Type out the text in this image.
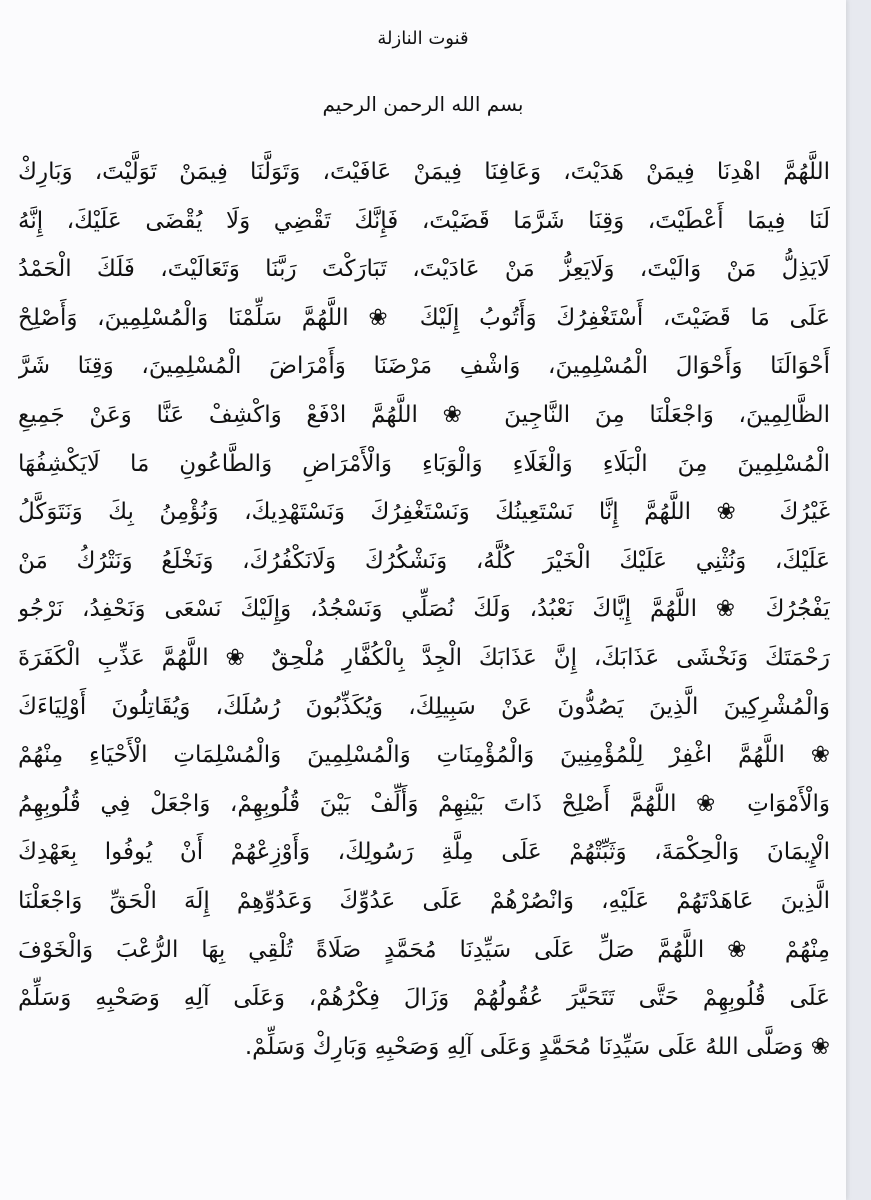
قنوت النازلة
بسم الله الرحمن الرحيم
اللَّهُمَّ اهْدِنَا فِيمَنْ هَدَيْتَ، وَعَافِنَا فِيمَنْ عَافَيْتَ، وَتَوَلَّنَا فِيمَنْ تَوَلَّيْتَ، وَبَارِكْ
لَنَا فِيمَا أَعْطَيْتَ، وَقِنَا شَرَّمَا قَضَيْتَ، فَإِنَّكَ تَقْضِي وَلَا يُقْضَى عَلَيْكَ، إِنَّهُ
لَايَذِلُّ مَنْ وَالَيْتَ، وَلَايَعِزُّ مَنْ عَادَيْتَ، تَبَارَكْتَ رَبَّنَا وَتَعَالَيْتَ، فَلَكَ الْحَمْدُ
عَلَى مَا قَضَيْتَ، أَسْتَغْفِرُكَ وَأَتُوبُ إِلَيْكَ ❀ اللَّهُمَّ سَلِّمْنَا وَالْمُسْلِمِينَ، وَأَصْلِحْ
أَحْوَالَنَا وَأَحْوَالَ الْمُسْلِمِينَ، وَاشْفِ مَرْضَنَا وَأَمْرَاضَ الْمُسْلِمِينَ، وَقِنَا شَرَّ
الظَّالِمِينَ، وَاجْعَلْنَا مِنَ النَّاجِينَ ❀ اللَّهُمَّ ادْفَعْ وَاكْشِفْ عَنَّا وَعَنْ جَمِيعِ
الْمُسْلِمِينَ مِنَ الْبَلَاءِ وَالْغَلَاءِ وَالْوَبَاءِ وَالْأَمْرَاضِ وَالطَّاعُونِ مَا لَايَكْشِفُهَا
غَيْرُكَ ❀ اللَّهُمَّ إِنَّا نَسْتَعِينُكَ وَنَسْتَغْفِرُكَ وَنَسْتَهْدِيكَ، وَنُؤْمِنُ بِكَ وَنَتَوَكَّلُ
عَلَيْكَ، وَنُثْنِي عَلَيْكَ الْخَيْرَ كُلَّهُ، وَنَشْكُرُكَ وَلَانَكْفُرُكَ، وَنَخْلَعُ وَنَتْرُكُ مَنْ
يَفْجُرُكَ ❀ اللَّهُمَّ إِيَّاكَ نَعْبُدُ، وَلَكَ نُصَلِّي وَنَسْجُدُ، وَإِلَيْكَ نَسْعَى وَنَحْفِدُ، نَرْجُو
رَحْمَتَكَ وَنَخْشَى عَذَابَكَ، إِنَّ عَذَابَكَ الْجِدَّ بِالْكُفَّارِ مُلْحِقٌ ❀ اللَّهُمَّ عَذِّبِ الْكَفَرَةَ
وَالْمُشْرِكِينَ الَّذِينَ يَصُدُّونَ عَنْ سَبِيلِكَ، وَيُكَذِّبُونَ رُسُلَكَ، وَيُقَاتِلُونَ أَوْلِيَاءَكَ
❀ اللَّهُمَّ اغْفِرْ لِلْمُؤْمِنِينَ وَالْمُؤْمِنَاتِ وَالْمُسْلِمِينَ وَالْمُسْلِمَاتِ الْأَحْيَاءِ مِنْهُمْ
وَالْأَمْوَاتِ ❀ اللَّهُمَّ أَصْلِحْ ذَاتَ بَيْنِهِمْ وَأَلِّفْ بَيْنَ قُلُوبِهِمْ، وَاجْعَلْ فِي قُلُوبِهِمُ
الْإِيمَانَ وَالْحِكْمَةَ، وَثَبِّتْهُمْ عَلَى مِلَّةِ رَسُولِكَ، وَأَوْزِعْهُمْ أَنْ يُوفُوا بِعَهْدِكَ
الَّذِينَ عَاهَدْتَهُمْ عَلَيْهِ، وَانْصُرْهُمْ عَلَى عَدُوِّكَ وَعَدُوِّهِمْ إِلَهَ الْحَقِّ وَاجْعَلْنَا
مِنْهُمْ ❀ اللَّهُمَّ صَلِّ عَلَى سَيِّدِنَا مُحَمَّدٍ صَلَاةً تُلْقِي بِهَا الرُّعْبَ وَالْخَوْفَ
عَلَى قُلُوبِهِمْ حَتَّى تَتَحَيَّرَ عُقُولُهُمْ وَزَالَ فِكْرُهُمْ، وَعَلَى آلِهِ وَصَحْبِهِ وَسَلِّمْ
❀ وَصَلَّى اللهُ عَلَى سَيِّدِنَا مُحَمَّدٍ وَعَلَى آلِهِ وَصَحْبِهِ وَبَارِكْ وَسَلِّمْ.
